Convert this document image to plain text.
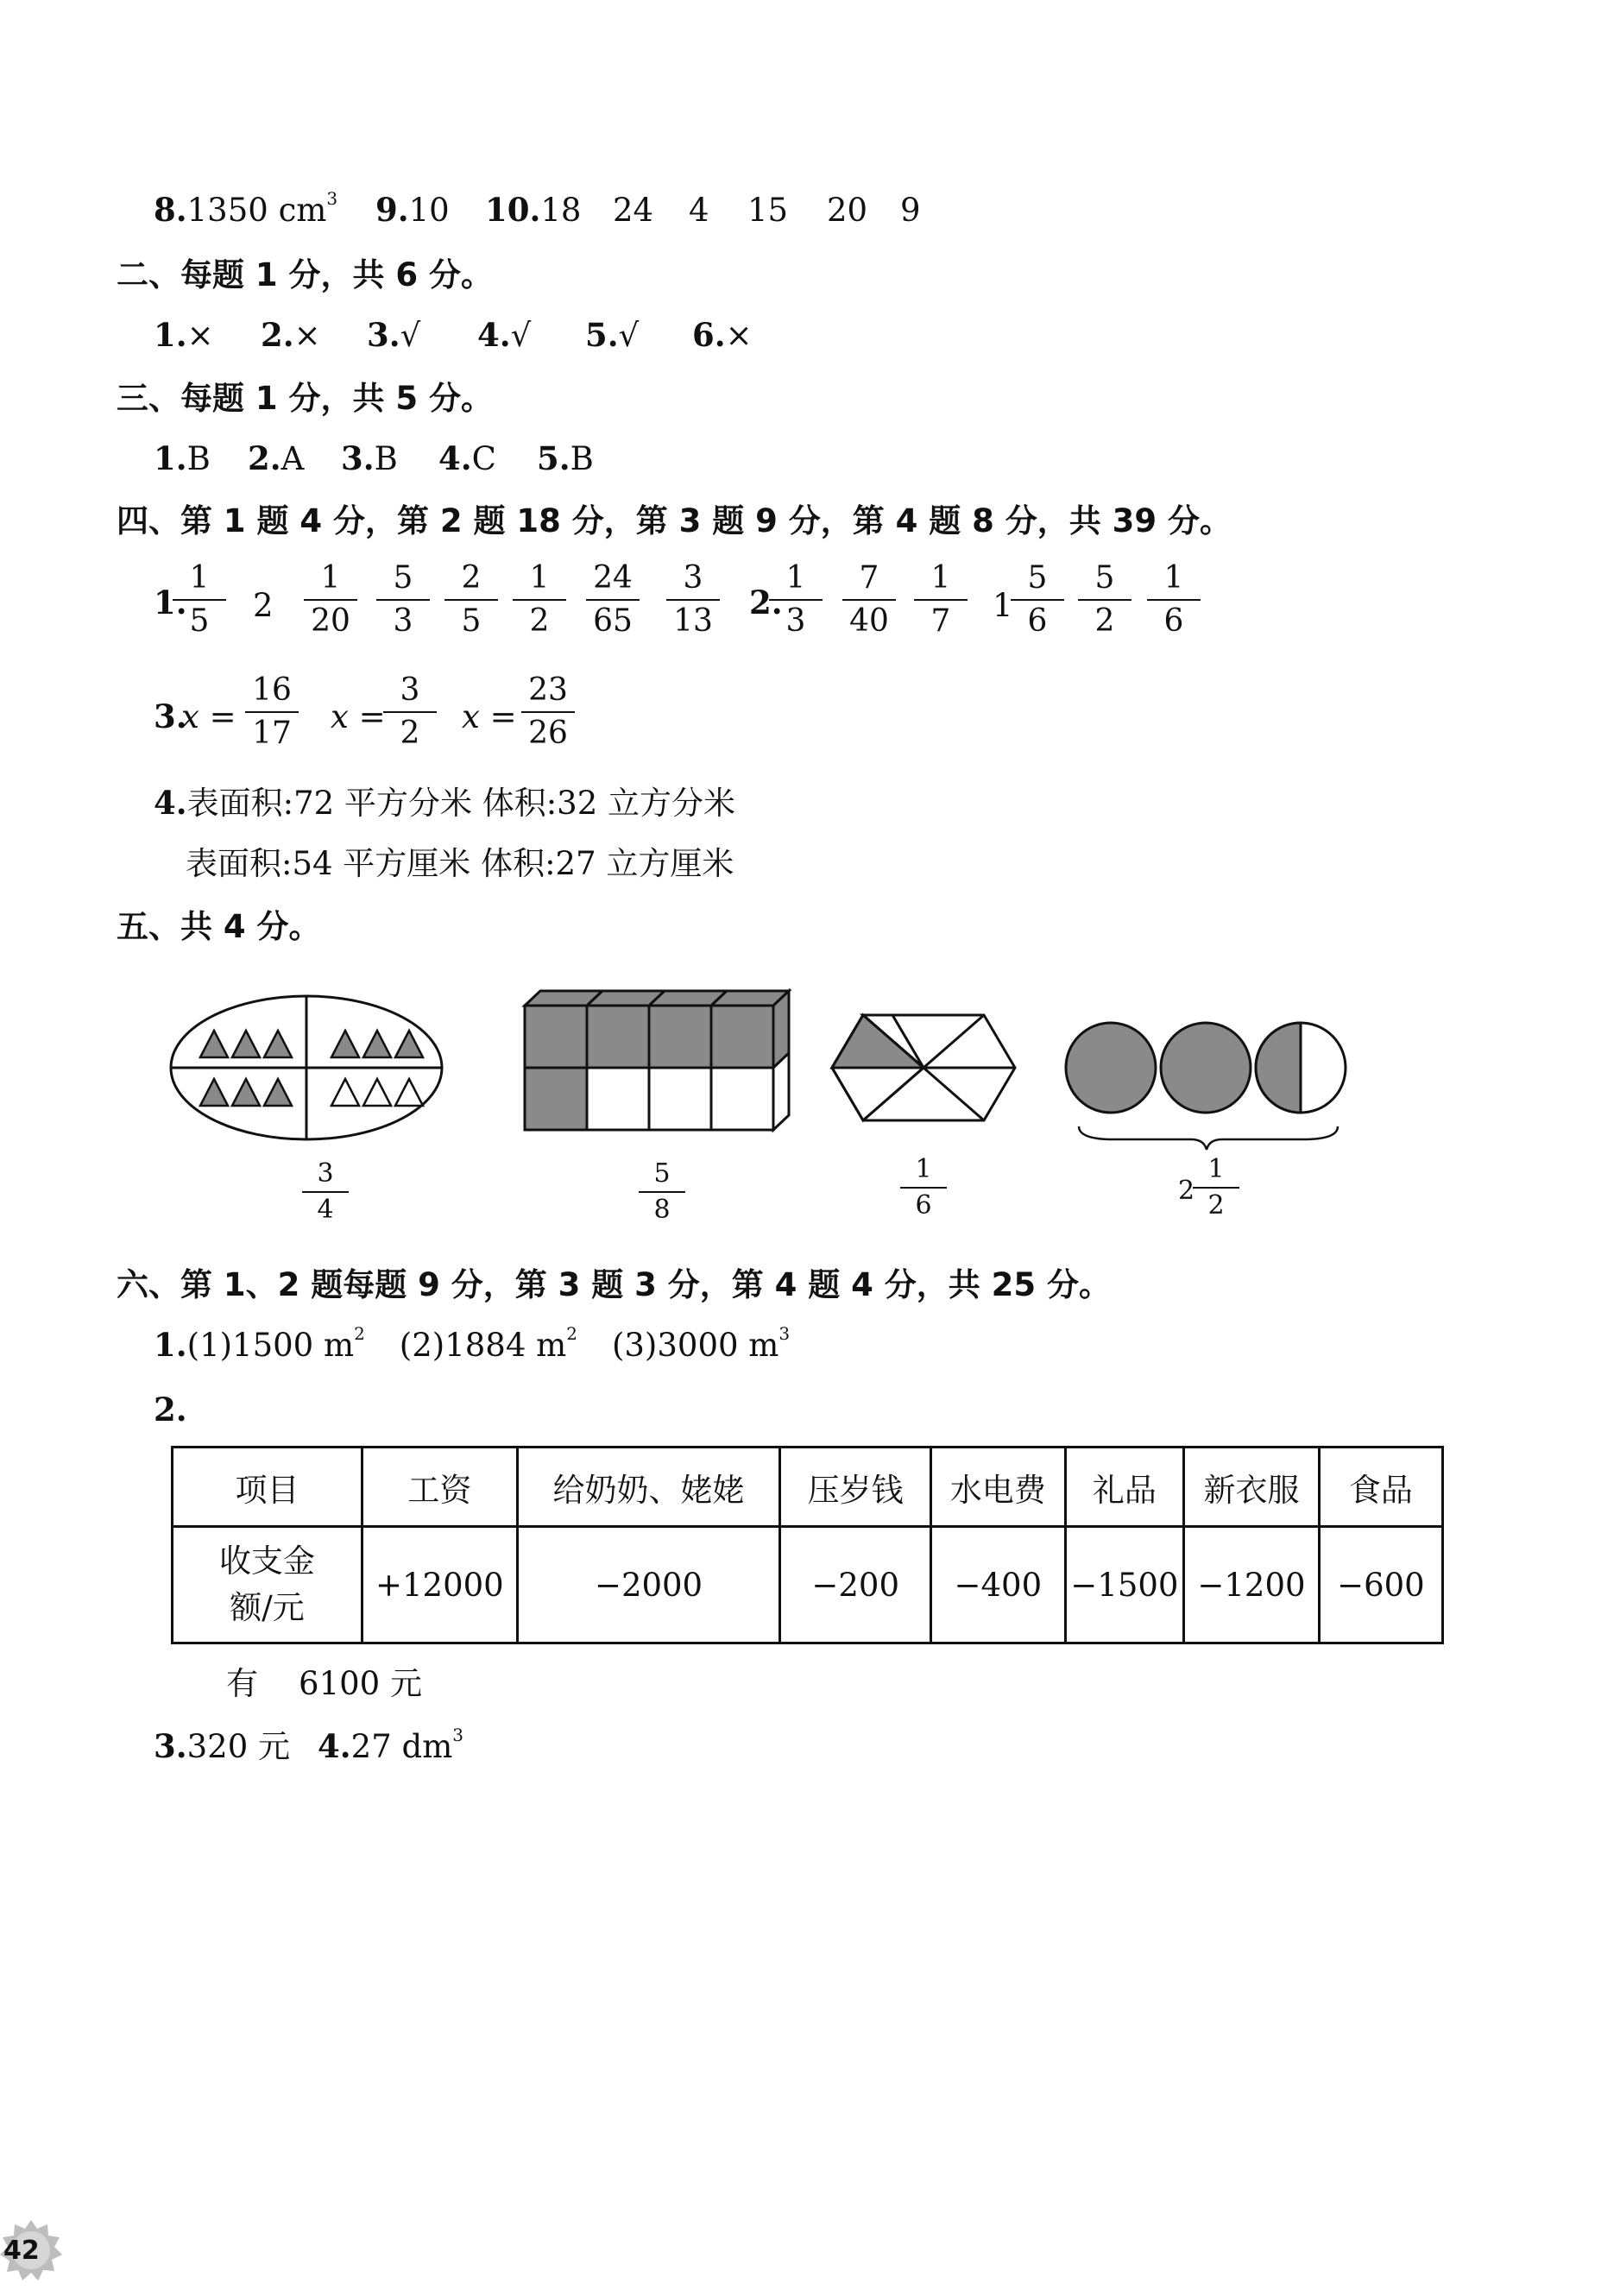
8.1350 $cm^3$ 9.10 10.18 24 4 15 20 9
二、每题 1 分，共 6 分。
1.× 2.× 3.√ 4.√ 5.√ 6.×
三、每题 1 分，共 5 分。
1.B 2.A 3.B 4.C 5.B
四、第 1 题 4 分，第 2 题 18 分，第 3 题 9 分，第 4 题 8 分，共 39 分。
1.
1
5	2
1
20
5
3
2
5
1
2
24
65
3
13	2.
1
3
7
40
1
7	1
5
6
5
2
1
6
3.
x =
16
17	x =
3
2	x =
23
26
4.表面积:72 平方分米 体积:32 立方分米
表面积:54 平方厘米 体积:27 立方厘米
五、共 4 分。
3
4
5
8
1
6	2
1
2
六、第 1、2 题每题 9 分，第 3 题 3 分，第 4 题 4 分，共 25 分。
1.(1)1500 $m^2$ (2)1884 $m^2$ (3)3000 $m^3$
2.
项目	工资	给奶奶、姥姥	压岁钱	水电费	礼品	新衣服	食品
收支金
额/元	+12000	−2000	−200	−400	−1500	−1200	−600
有    6100 元
3.320 元 4.27 $dm^3$
42
